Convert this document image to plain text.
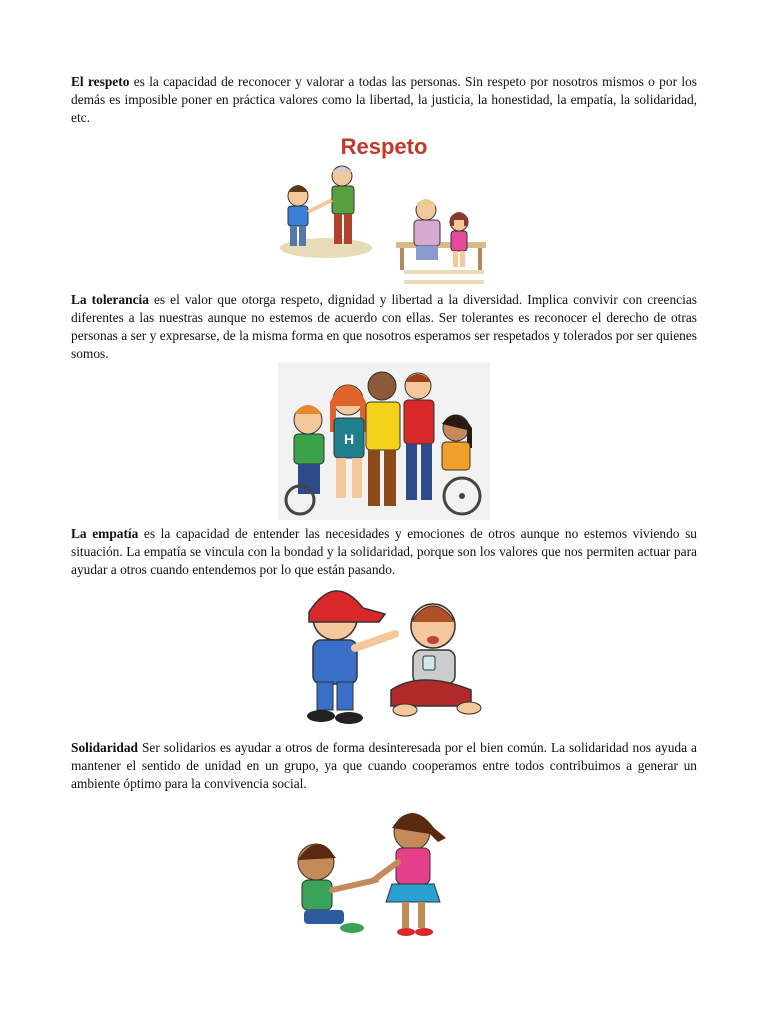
El respeto es la capacidad de reconocer y valorar a todas las personas. Sin respeto por nosotros mismos o por los demás es imposible poner en práctica valores como la libertad, la justicia, la honestidad, la empatía, la solidaridad, etc.

Respeto

La tolerancia es el valor que otorga respeto, dignidad y libertad a la diversidad. Implica convivir con creencias diferentes a las nuestras aunque no estemos de acuerdo con ellas. Ser tolerantes es reconocer el derecho de otras personas a ser y expresarse, de la misma forma en que nosotros esperamos ser respetados y tolerados por ser quienes somos.

H

La empatía es la capacidad de entender las necesidades y emociones de otros aunque no estemos viviendo su situación. La empatía se vincula con la bondad y la solidaridad, porque son los valores que nos permiten actuar para ayudar a otros cuando entendemos por lo que están pasando.

Solidaridad Ser solidarios es ayudar a otros de forma desinteresada por el bien común. La solidaridad nos ayuda a mantener el sentido de unidad en un grupo, ya que cuando cooperamos entre todos contribuimos a generar un ambiente óptimo para la convivencia social.
